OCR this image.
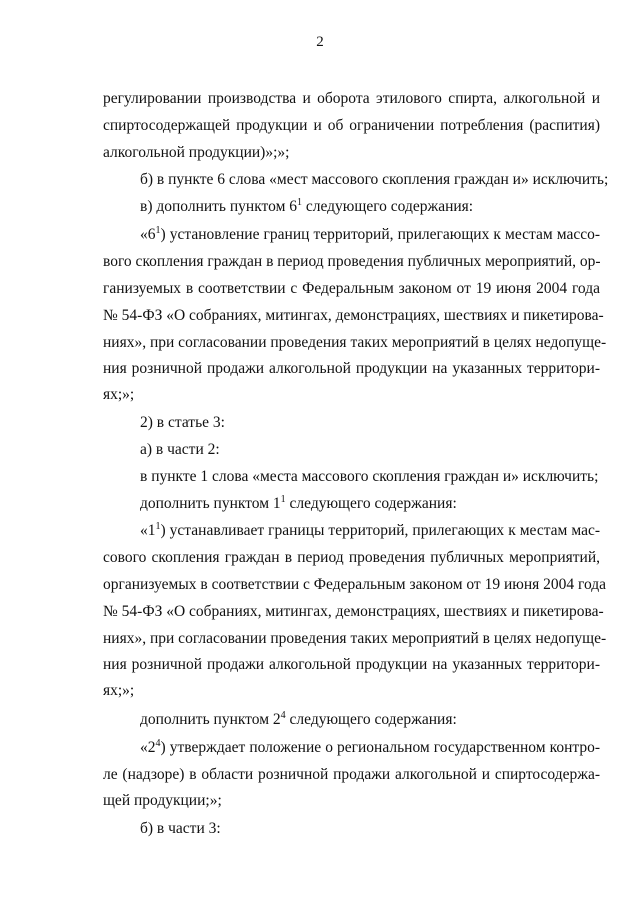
2
регулировании производства и оборота этилового спирта, алкогольной и
спиртосодержащей продукции и об ограничении потребления (распития)
алкогольной продукции)»;»;
б) в пункте 6 слова «мест массового скопления граждан и» исключить;
в) дополнить пунктом $6^1$ следующего содержания:
«$6^1$) установление границ территорий, прилегающих к местам массо-
вого скопления граждан в период проведения публичных мероприятий, ор-
ганизуемых в соответствии с Федеральным законом от 19 июня 2004 года
№ 54-ФЗ «О собраниях, митингах, демонстрациях, шествиях и пикетирова-
ниях», при согласовании проведения таких мероприятий в целях недопуще-
ния розничной продажи алкогольной продукции на указанных территори-
ях;»;
2) в статье 3:
а) в части 2:
в пункте 1 слова «места массового скопления граждан и» исключить;
дополнить пунктом $1^1$ следующего содержания:
«$1^1$) устанавливает границы территорий, прилегающих к местам мас-
сового скопления граждан в период проведения публичных мероприятий,
организуемых в соответствии с Федеральным законом от 19 июня 2004 года
№ 54-ФЗ «О собраниях, митингах, демонстрациях, шествиях и пикетирова-
ниях», при согласовании проведения таких мероприятий в целях недопуще-
ния розничной продажи алкогольной продукции на указанных территори-
ях;»;
дополнить пунктом $2^4$ следующего содержания:
«$2^4$) утверждает положение о региональном государственном контро-
ле (надзоре) в области розничной продажи алкогольной и спиртосодержа-
щей продукции;»;
б) в части 3:
